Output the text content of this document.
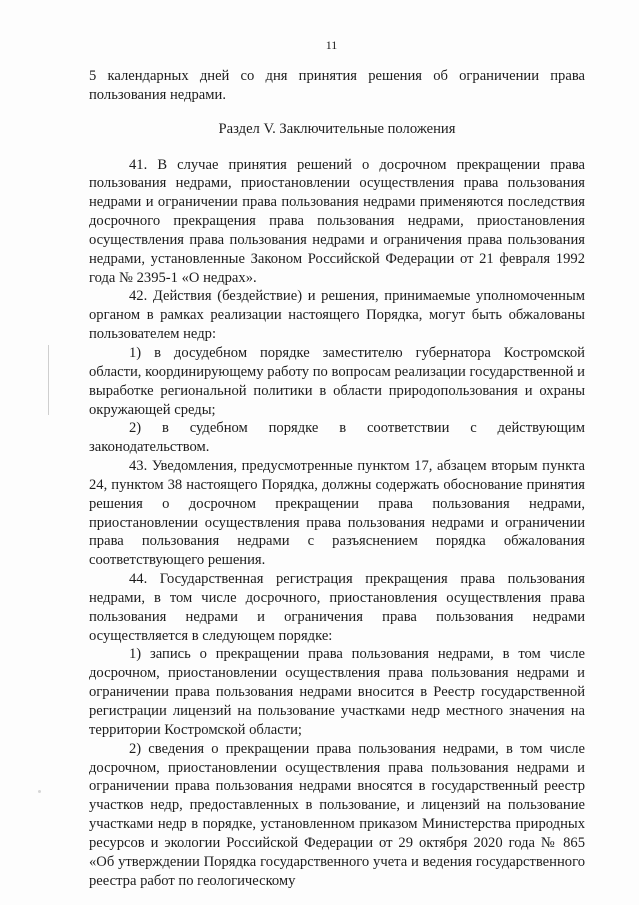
11

5 календарных дней со дня принятия решения об ограничении права пользования недрами.

Раздел V. Заключительные положения

41. В случае принятия решений о досрочном прекращении права пользования недрами, приостановлении осуществления права пользования недрами и ограничении права пользования недрами применяются последствия досрочного прекращения права пользования недрами, приостановления осуществления права пользования недрами и ограничения права пользования недрами, установленные Законом Российской Федерации от 21 февраля 1992 года № 2395-1 «О недрах».

42. Действия (бездействие) и решения, принимаемые уполномоченным органом в рамках реализации настоящего Порядка, могут быть обжалованы пользователем недр:

1) в досудебном порядке заместителю губернатора Костромской области, координирующему работу по вопросам реализации государственной и выработке региональной политики в области природопользования и охраны окружающей среды;

2) в судебном порядке в соответствии с действующим законодательством.

43. Уведомления, предусмотренные пунктом 17, абзацем вторым пункта 24, пунктом 38 настоящего Порядка, должны содержать обоснование принятия решения о досрочном прекращении права пользования недрами, приостановлении осуществления права пользования недрами и ограничении права пользования недрами с разъяснением порядка обжалования соответствующего решения.

44. Государственная регистрация прекращения права пользования недрами, в том числе досрочного, приостановления осуществления права пользования недрами и ограничения права пользования недрами осуществляется в следующем порядке:

1) запись о прекращении права пользования недрами, в том числе досрочном, приостановлении осуществления права пользования недрами и ограничении права пользования недрами вносится в Реестр государственной регистрации лицензий на пользование участками недр местного значения на территории Костромской области;

2) сведения о прекращении права пользования недрами, в том числе досрочном, приостановлении осуществления права пользования недрами и ограничении права пользования недрами вносятся в государственный реестр участков недр, предоставленных в пользование, и лицензий на пользование участками недр в порядке, установленном приказом Министерства природных ресурсов и экологии Российской Федерации от 29 октября 2020 года № 865 «Об утверждении Порядка государственного учета и ведения государственного реестра работ по геологическому
